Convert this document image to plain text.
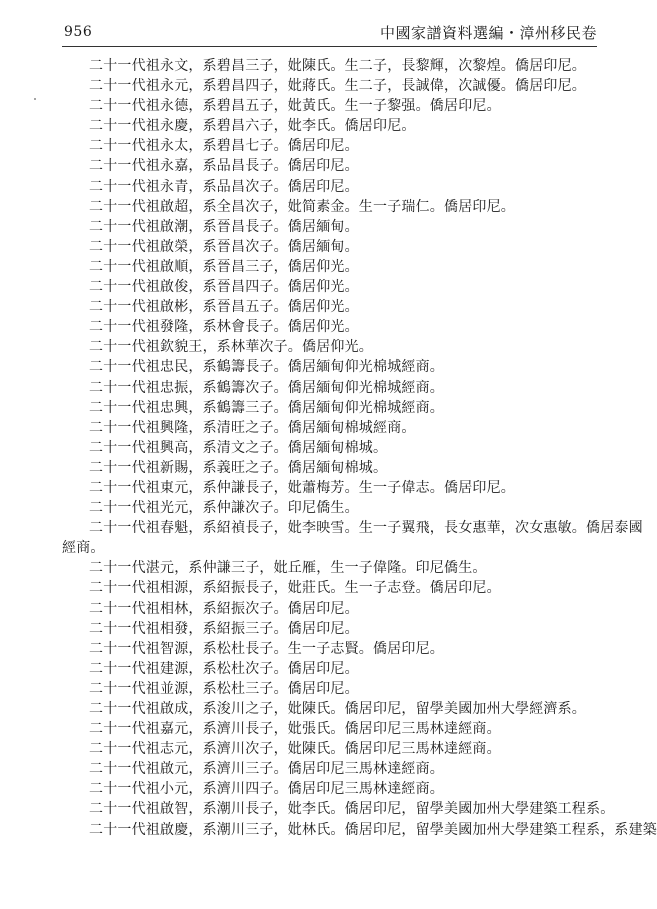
956	中國家譜資料選編・漳州移民卷
二十一代祖永文，系碧昌三子，妣陳氏。生二子，長黎輝，次黎煌。僑居印尼。
二十一代祖永元，系碧昌四子，妣蔣氏。生二子，長誠偉，次誠優。僑居印尼。
二十一代祖永德，系碧昌五子，妣黃氏。生一子黎强。僑居印尼。
二十一代祖永慶，系碧昌六子，妣李氏。僑居印尼。
二十一代祖永太，系碧昌七子。僑居印尼。
二十一代祖永嘉，系品昌長子。僑居印尼。
二十一代祖永青，系品昌次子。僑居印尼。
二十一代祖啟超，系全昌次子，妣简素金。生一子瑞仁。僑居印尼。
二十一代祖啟潮，系晉昌長子。僑居緬甸。
二十一代祖啟榮，系晉昌次子。僑居緬甸。
二十一代祖啟順，系晉昌三子，僑居仰光。
二十一代祖啟俊，系晉昌四子。僑居仰光。
二十一代祖啟彬，系晉昌五子。僑居仰光。
二十一代祖發隆，系林會長子。僑居仰光。
二十一代祖欽貌王，系林華次子。僑居仰光。
二十一代祖忠民，系鶴籌長子。僑居緬甸仰光棉城經商。
二十一代祖忠振，系鶴籌次子。僑居緬甸仰光棉城經商。
二十一代祖忠興，系鶴籌三子。僑居緬甸仰光棉城經商。
二十一代祖興隆，系清旺之子。僑居緬甸棉城經商。
二十一代祖興高，系清文之子。僑居緬甸棉城。
二十一代祖新賜，系義旺之子。僑居緬甸棉城。
二十一代祖東元，系仲謙長子，妣蕭梅芳。生一子偉志。僑居印尼。
二十一代祖光元，系仲謙次子。印尼僑生。
二十一代祖春魁，系紹禎長子，妣李映雪。生一子翼飛，長女惠華，次女惠敏。僑居泰國
經商。
二十一代湛元，系仲謙三子，妣丘雁，生一子偉隆。印尼僑生。
二十一代祖相源，系紹振長子，妣莊氏。生一子志登。僑居印尼。
二十一代祖相林，系紹振次子。僑居印尼。
二十一代祖相發，系紹振三子。僑居印尼。
二十一代祖智源，系松杜長子。生一子志賢。僑居印尼。
二十一代祖建源，系松杜次子。僑居印尼。
二十一代祖並源，系松杜三子。僑居印尼。
二十一代祖啟成，系浚川之子，妣陳氏。僑居印尼，留學美國加州大學經濟系。
二十一代祖嘉元，系濟川長子，妣張氏。僑居印尼三馬林達經商。
二十一代祖志元，系濟川次子，妣陳氏。僑居印尼三馬林達經商。
二十一代祖啟元，系濟川三子。僑居印尼三馬林達經商。
二十一代祖小元，系濟川四子。僑居印尼三馬林達經商。
二十一代祖啟智，系潮川長子，妣李氏。僑居印尼，留學美國加州大學建築工程系。
二十一代祖啟慶，系潮川三子，妣林氏。僑居印尼，留學美國加州大學建築工程系，系建築
